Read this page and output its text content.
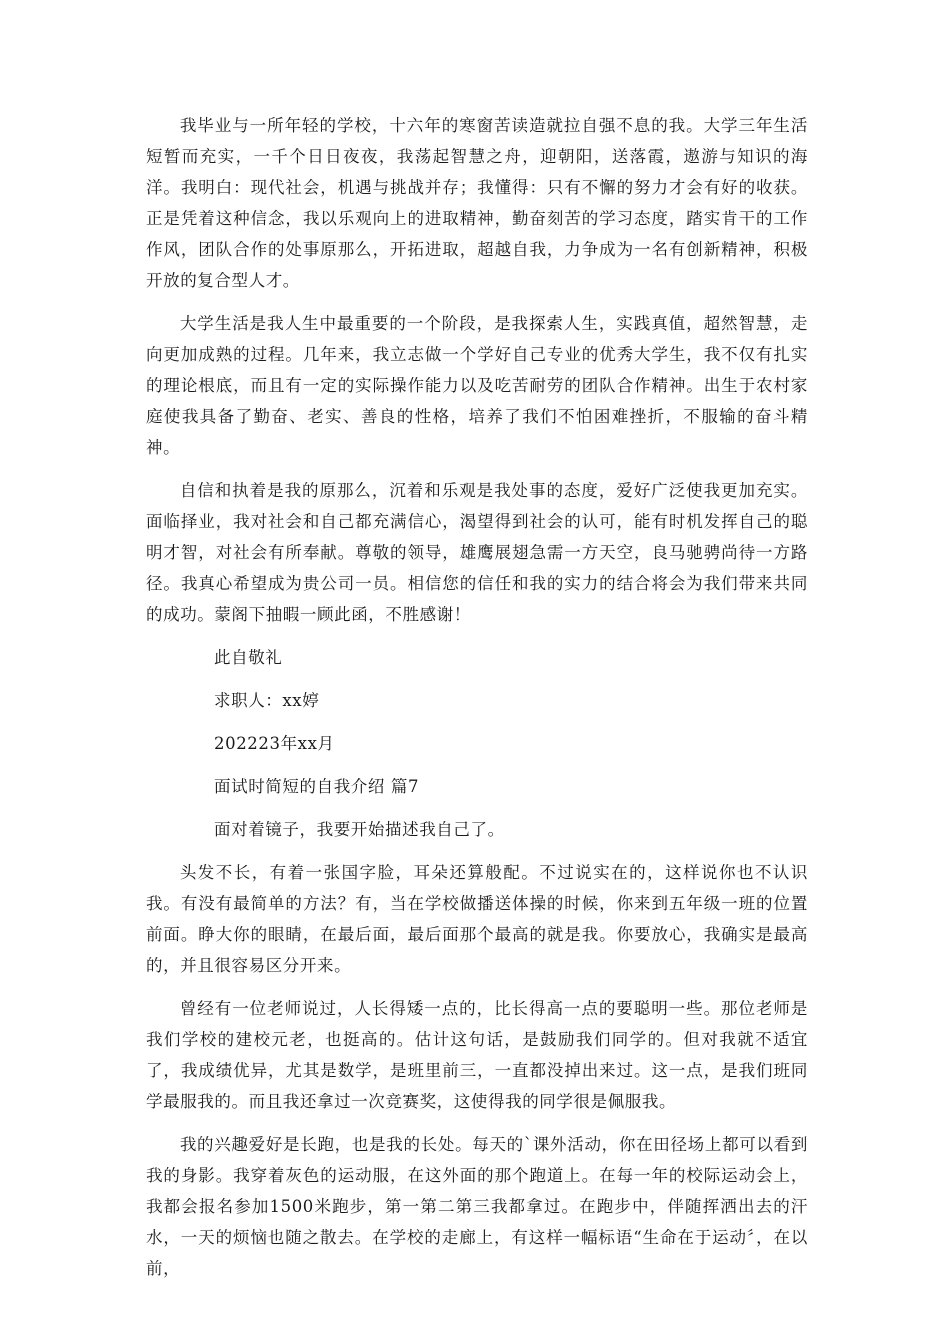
我毕业与一所年轻的学校，十六年的寒窗苦读造就拉自强不息的我。大学三年生活短暂而充实，一千个日日夜夜，我荡起智慧之舟，迎朝阳，送落霞，遨游与知识的海洋。我明白：现代社会，机遇与挑战并存；我懂得：只有不懈的努力才会有好的收获。正是凭着这种信念，我以乐观向上的进取精神，勤奋刻苦的学习态度，踏实肯干的工作作风，团队合作的处事原那么，开拓进取，超越自我，力争成为一名有创新精神，积极开放的复合型人才。

大学生活是我人生中最重要的一个阶段，是我探索人生，实践真值，超然智慧，走向更加成熟的过程。几年来，我立志做一个学好自己专业的优秀大学生，我不仅有扎实的理论根底，而且有一定的实际操作能力以及吃苦耐劳的团队合作精神。出生于农村家庭使我具备了勤奋、老实、善良的性格，培养了我们不怕困难挫折，不服输的奋斗精神。

自信和执着是我的原那么，沉着和乐观是我处事的态度，爱好广泛使我更加充实。面临择业，我对社会和自己都充满信心，渴望得到社会的认可，能有时机发挥自己的聪明才智，对社会有所奉献。尊敬的领导，雄鹰展翅急需一方天空，良马驰骋尚待一方路径。我真心希望成为贵公司一员。相信您的信任和我的实力的结合将会为我们带来共同的成功。蒙阁下抽暇一顾此函，不胜感谢！

此自敬礼

求职人：xx婷

202223年xx月

面试时简短的自我介绍 篇7

面对着镜子，我要开始描述我自己了。

头发不长，有着一张国字脸，耳朵还算般配。不过说实在的，这样说你也不认识我。有没有最简单的方法？有，当在学校做播送体操的时候，你来到五年级一班的位置前面。睁大你的眼睛，在最后面，最后面那个最高的就是我。你要放心，我确实是最高的，并且很容易区分开来。

曾经有一位老师说过，人长得矮一点的，比长得高一点的要聪明一些。那位老师是我们学校的建校元老，也挺高的。估计这句话，是鼓励我们同学的。但对我就不适宜了，我成绩优异，尤其是数学，是班里前三，一直都没掉出来过。这一点，是我们班同学最服我的。而且我还拿过一次竞赛奖，这使得我的同学很是佩服我。

我的兴趣爱好是长跑，也是我的长处。每天的`课外活动，你在田径场上都可以看到我的身影。我穿着灰色的运动服，在这外面的那个跑道上。在每一年的校际运动会上，我都会报名参加1500米跑步，第一第二第三我都拿过。在跑步中，伴随挥洒出去的汗水，一天的烦恼也随之散去。在学校的走廊上，有这样一幅标语“生命在于运动〞，在以前，
